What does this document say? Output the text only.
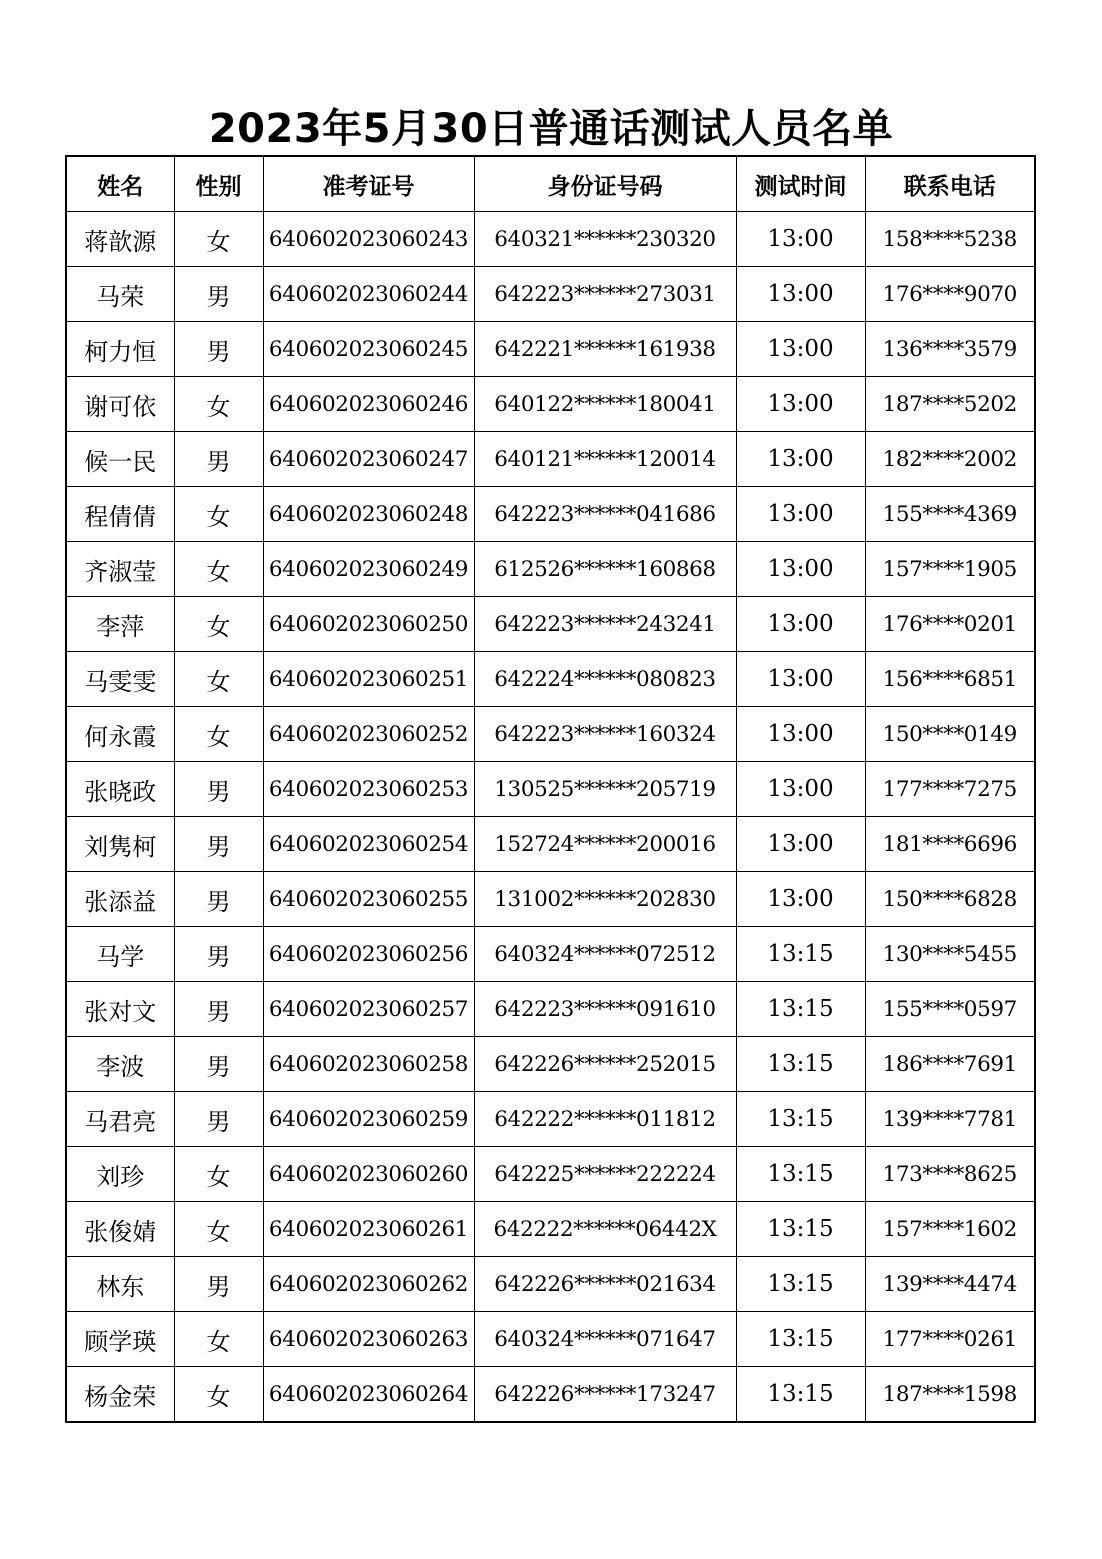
2023年5月30日普通话测试人员名单
姓名	性别	准考证号	身份证号码	测试时间	联系电话
蒋歆源	女	640602023060243	640321******230320	13:00	158****5238
马荣	男	640602023060244	642223******273031	13:00	176****9070
柯力恒	男	640602023060245	642221******161938	13:00	136****3579
谢可依	女	640602023060246	640122******180041	13:00	187****5202
候一民	男	640602023060247	640121******120014	13:00	182****2002
程倩倩	女	640602023060248	642223******041686	13:00	155****4369
齐淑莹	女	640602023060249	612526******160868	13:00	157****1905
李萍	女	640602023060250	642223******243241	13:00	176****0201
马雯雯	女	640602023060251	642224******080823	13:00	156****6851
何永霞	女	640602023060252	642223******160324	13:00	150****0149
张晓政	男	640602023060253	130525******205719	13:00	177****7275
刘隽柯	男	640602023060254	152724******200016	13:00	181****6696
张添益	男	640602023060255	131002******202830	13:00	150****6828
马学	男	640602023060256	640324******072512	13:15	130****5455
张对文	男	640602023060257	642223******091610	13:15	155****0597
李波	男	640602023060258	642226******252015	13:15	186****7691
马君亮	男	640602023060259	642222******011812	13:15	139****7781
刘珍	女	640602023060260	642225******222224	13:15	173****8625
张俊婧	女	640602023060261	642222******06442X	13:15	157****1602
林东	男	640602023060262	642226******021634	13:15	139****4474
顾学瑛	女	640602023060263	640324******071647	13:15	177****0261
杨金荣	女	640602023060264	642226******173247	13:15	187****1598
